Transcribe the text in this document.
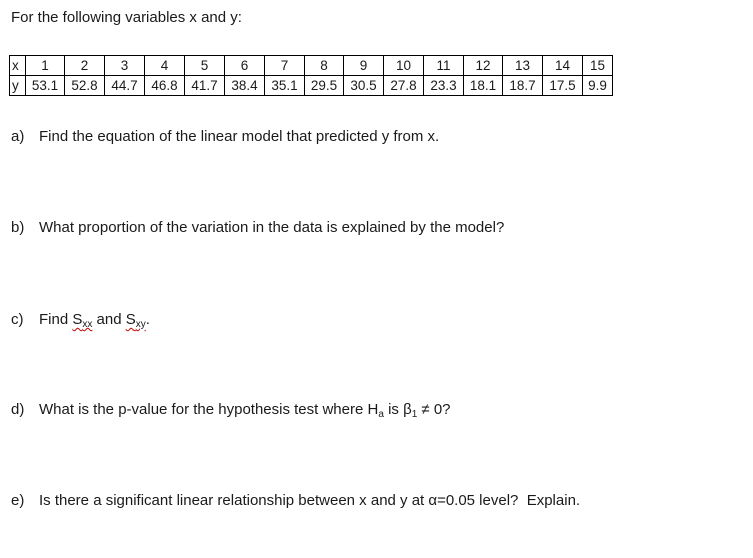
For the following variables x and y:

x	1	2	3	4	5	6	7	8	9	10	11	12	13	14	15
y	53.1	52.8	44.7	46.8	41.7	38.4	35.1	29.5	30.5	27.8	23.3	18.1	18.7	17.5	9.9

a) Find the equation of the linear model that predicted y from x.

b) What proportion of the variation in the data is explained by the model?

c) Find $S_{xx}$ and $S_{xy}$.

d) What is the p-value for the hypothesis test where $H_a$ is $\beta_1 \ne 0$?

e) Is there a significant linear relationship between x and y at α=0.05 level?  Explain.
